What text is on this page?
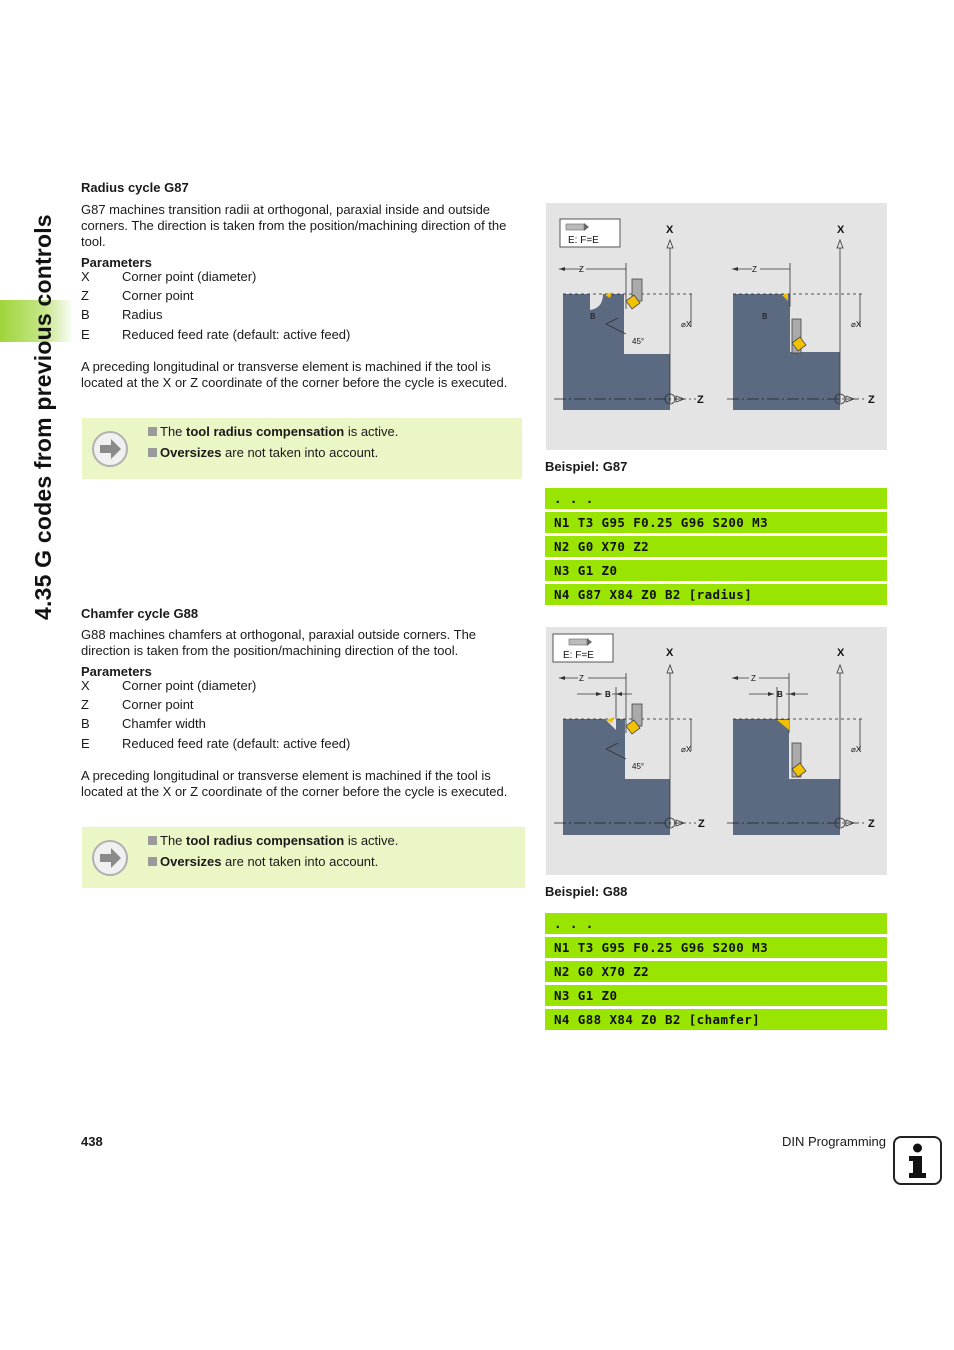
4.35 G codes from previous controls
Radius cycle G87
G87 machines transition radii at orthogonal, paraxial inside and outside corners. The direction is taken from the position/machining direction of the tool.
Parameters
X Corner point (diameter)
Z	Corner point
B Radius
E Reduced feed rate (default: active feed)
A preceding longitudinal or transverse element is machined if the tool is located at the X or Z coordinate of the corner before the cycle is executed.
The tool radius compensation is active.
Oversizes are not taken into account.
E: F=E
X
⌀X
Z
Z
B
45°
X
⌀X
Z
Z
B
Beispiel: G87
. . .
N1 T3 G95 F0.25 G96 S200 M3
N2 G0 X70 Z2
N3 G1 Z0
N4 G87 X84 Z0 B2 [radius]
Chamfer cycle G88
G88 machines chamfers at orthogonal, paraxial outside corners. The direction is taken from the position/machining direction of the tool.
Parameters
X Corner point (diameter)
Z	Corner point
B Chamfer width
E Reduced feed rate (default: active feed)
A preceding longitudinal or transverse element is machined if the tool is located at the X or Z coordinate of the corner before the cycle is executed.
The tool radius compensation is active.
Oversizes are not taken into account.
E: F=E	X
⌀X
Z
Z
B
45°
X
⌀X
Z
Z
B
Beispiel: G88
. . .
N1 T3 G95 F0.25 G96 S200 M3
N2 G0 X70 Z2
N3 G1 Z0
N4 G88 X84 Z0 B2 [chamfer]
438	DIN Programming
